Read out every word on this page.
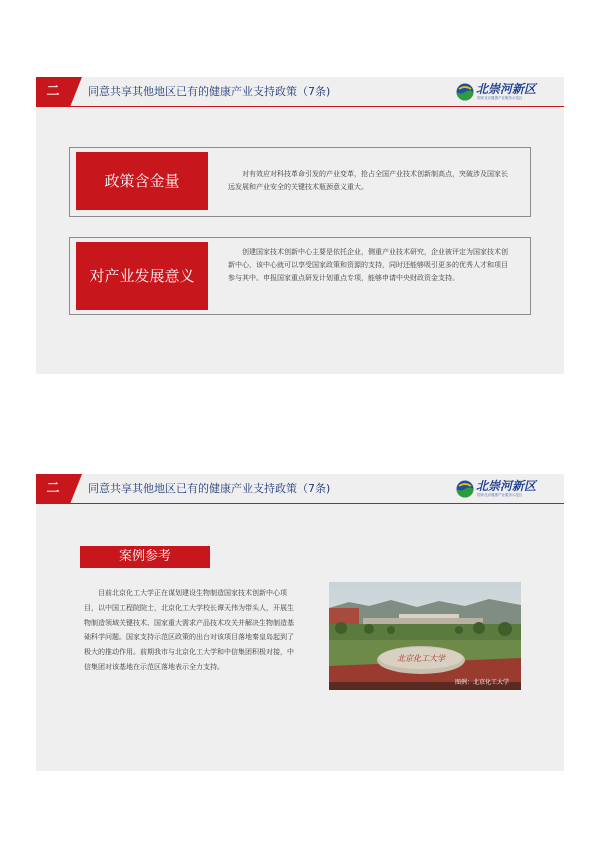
二	同意共享其他地区已有的健康产业支持政策（7条)	北崇河新区
国家北京健康产业服务示范区
政策含金量	对有效应对科技革命引发的产业变革，抢占全国产业技术创新制高点，突破涉及国家长远发展和产业安全的关键技术瓶颈意义重大。
对产业发展意义
创建国家技术创新中心主要是依托企业，侧重产业技术研究，企业被评定为国家技术创新中心，该中心就可以享受国家政策和资源的支持，同时还能够吸引更多的优秀人才和项目参与其中。申报国家重点研发计划重点专项，能够申请中央财政资金支持。
二	同意共享其他地区已有的健康产业支持政策（7条)	北崇河新区
国家北京健康产业服务示范区
案例参考
目前北京化工大学正在谋划建设生物制造国家技术创新中心项目，以中国工程院院士，北京化工大学校长谭天伟为带头人，开展生物制造领域关键技术、国家重大需求产品技术攻关并解决生物制造基础科学问题。国家支持示范区政策的出台对该项目落地秦皇岛起到了极大的推动作用。前期我市与北京化工大学和中信集团积极对接，中信集团对该基地在示范区落地表示全力支持。
北京化工大学
图例：北京化工大学
